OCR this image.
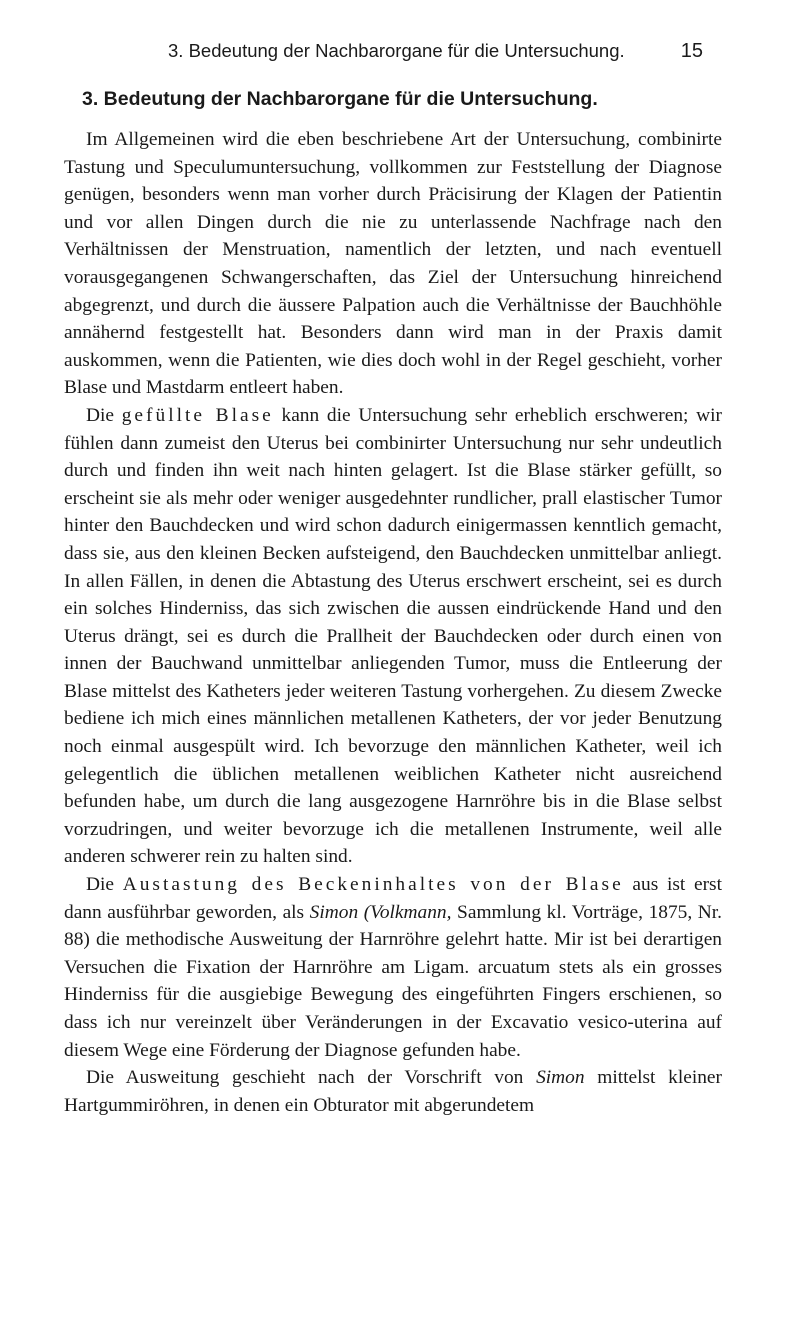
3. Bedeutung der Nachbarorgane für die Untersuchung.	15
3. Bedeutung der Nachbarorgane für die Untersuchung.

Im Allgemeinen wird die eben beschriebene Art der Untersuchung, combinirte Tastung und Speculumuntersuchung, vollkommen zur Feststellung der Diagnose genügen, besonders wenn man vorher durch Präcisirung der Klagen der Patientin und vor allen Dingen durch die nie zu unterlassende Nachfrage nach den Verhältnissen der Menstruation, namentlich der letzten, und nach eventuell vorausgegangenen Schwangerschaften, das Ziel der Untersuchung hinreichend abgegrenzt, und durch die äussere Palpation auch die Verhältnisse der Bauchhöhle annähernd festgestellt hat. Besonders dann wird man in der Praxis damit auskommen, wenn die Patienten, wie dies doch wohl in der Regel geschieht, vorher Blase und Mastdarm entleert haben.

Die gefüllte Blase kann die Untersuchung sehr erheblich erschweren; wir fühlen dann zumeist den Uterus bei combinirter Untersuchung nur sehr undeutlich durch und finden ihn weit nach hinten gelagert. Ist die Blase stärker gefüllt, so erscheint sie als mehr oder weniger ausgedehnter rundlicher, prall elastischer Tumor hinter den Bauchdecken und wird schon dadurch einigermassen kenntlich gemacht, dass sie, aus den kleinen Becken aufsteigend, den Bauchdecken unmittelbar anliegt. In allen Fällen, in denen die Abtastung des Uterus erschwert erscheint, sei es durch ein solches Hinderniss, das sich zwischen die aussen eindrückende Hand und den Uterus drängt, sei es durch die Prallheit der Bauchdecken oder durch einen von innen der Bauchwand unmittelbar anliegenden Tumor, muss die Entleerung der Blase mittelst des Katheters jeder weiteren Tastung vorhergehen. Zu diesem Zwecke bediene ich mich eines männlichen metallenen Katheters, der vor jeder Benutzung noch einmal ausgespült wird. Ich bevorzuge den männlichen Katheter, weil ich gelegentlich die üblichen metallenen weiblichen Katheter nicht ausreichend befunden habe, um durch die lang ausgezogene Harnröhre bis in die Blase selbst vorzudringen, und weiter bevorzuge ich die metallenen Instrumente, weil alle anderen schwerer rein zu halten sind.

Die Austastung des Beckeninhaltes von der Blase aus ist erst dann ausführbar geworden, als Simon (Volkmann, Sammlung kl. Vorträge, 1875, Nr. 88) die methodische Ausweitung der Harnröhre gelehrt hatte. Mir ist bei derartigen Versuchen die Fixation der Harnröhre am Ligam. arcuatum stets als ein grosses Hinderniss für die ausgiebige Bewegung des eingeführten Fingers erschienen, so dass ich nur vereinzelt über Veränderungen in der Excavatio vesico-uterina auf diesem Wege eine Förderung der Diagnose gefunden habe.

Die Ausweitung geschieht nach der Vorschrift von Simon mittelst kleiner Hartgummiröhren, in denen ein Obturator mit abgerundetem
